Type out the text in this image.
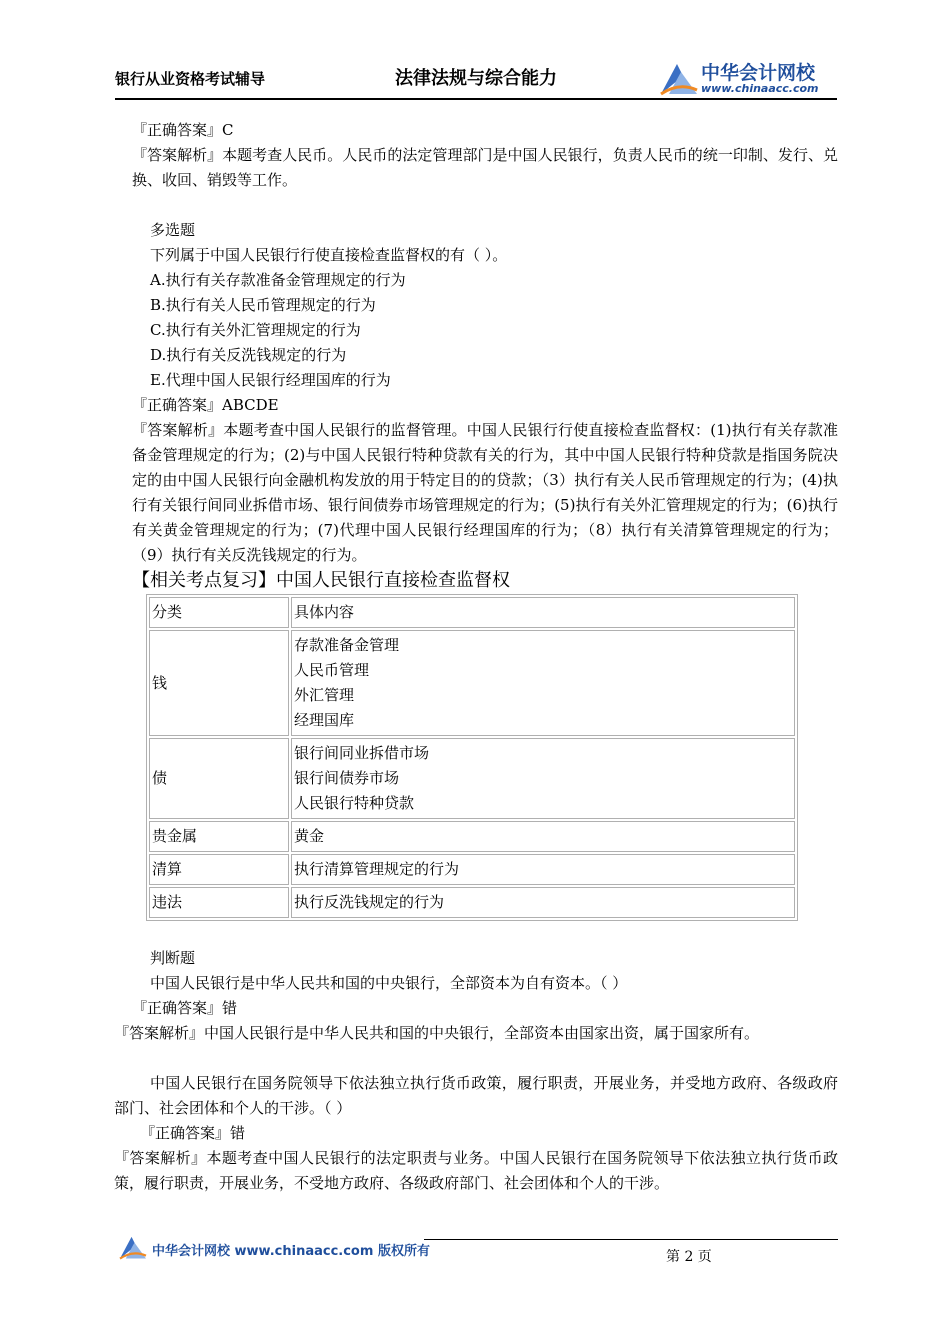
银行从业资格考试辅导	法律法规与综合能力	中华会计网校
www.chinaacc.com

『正确答案』C

『答案解析』本题考查人民币。人民币的法定管理部门是中国人民银行，负责人民币的统一印制、发行、兑换、收回、销毁等工作。

多选题

下列属于中国人民银行行使直接检查监督权的有（ ）。

A.执行有关存款准备金管理规定的行为

B.执行有关人民币管理规定的行为

C.执行有关外汇管理规定的行为

D.执行有关反洗钱规定的行为

E.代理中国人民银行经理国库的行为

『正确答案』ABCDE

『答案解析』本题考查中国人民银行的监督管理。中国人民银行行使直接检查监督权：(1)执行有关存款准备金管理规定的行为；(2)与中国人民银行特种贷款有关的行为，其中中国人民银行特种贷款是指国务院决定的由中国人民银行向金融机构发放的用于特定目的的贷款；（3）执行有关人民币管理规定的行为；(4)执行有关银行间同业拆借市场、银行间债券市场管理规定的行为；(5)执行有关外汇管理规定的行为；(6)执行有关黄金管理规定的行为；(7)代理中国人民银行经理国库的行为；（8）执行有关清算管理规定的行为；（9）执行有关反洗钱规定的行为。

【相关考点复习】中国人民银行直接检查监督权

分类	具体内容
钱	存款准备金管理
人民币管理
外汇管理
经理国库

债	银行间同业拆借市场
银行间债券市场
人民银行特种贷款

贵金属	黄金
清算	执行清算管理规定的行为
违法	执行反洗钱规定的行为

判断题

中国人民银行是中华人民共和国的中央银行，全部资本为自有资本。（ ）

『正确答案』错

『答案解析』中国人民银行是中华人民共和国的中央银行，全部资本由国家出资，属于国家所有。

中国人民银行在国务院领导下依法独立执行货币政策，履行职责，开展业务，并受地方政府、各级政府部门、社会团体和个人的干涉。（ ）

『正确答案』错

『答案解析』本题考查中国人民银行的法定职责与业务。中国人民银行在国务院领导下依法独立执行货币政策，履行职责，开展业务，不受地方政府、各级政府部门、社会团体和个人的干涉。

中华会计网校 www.chinaacc.com 版权所有	第 2 页
